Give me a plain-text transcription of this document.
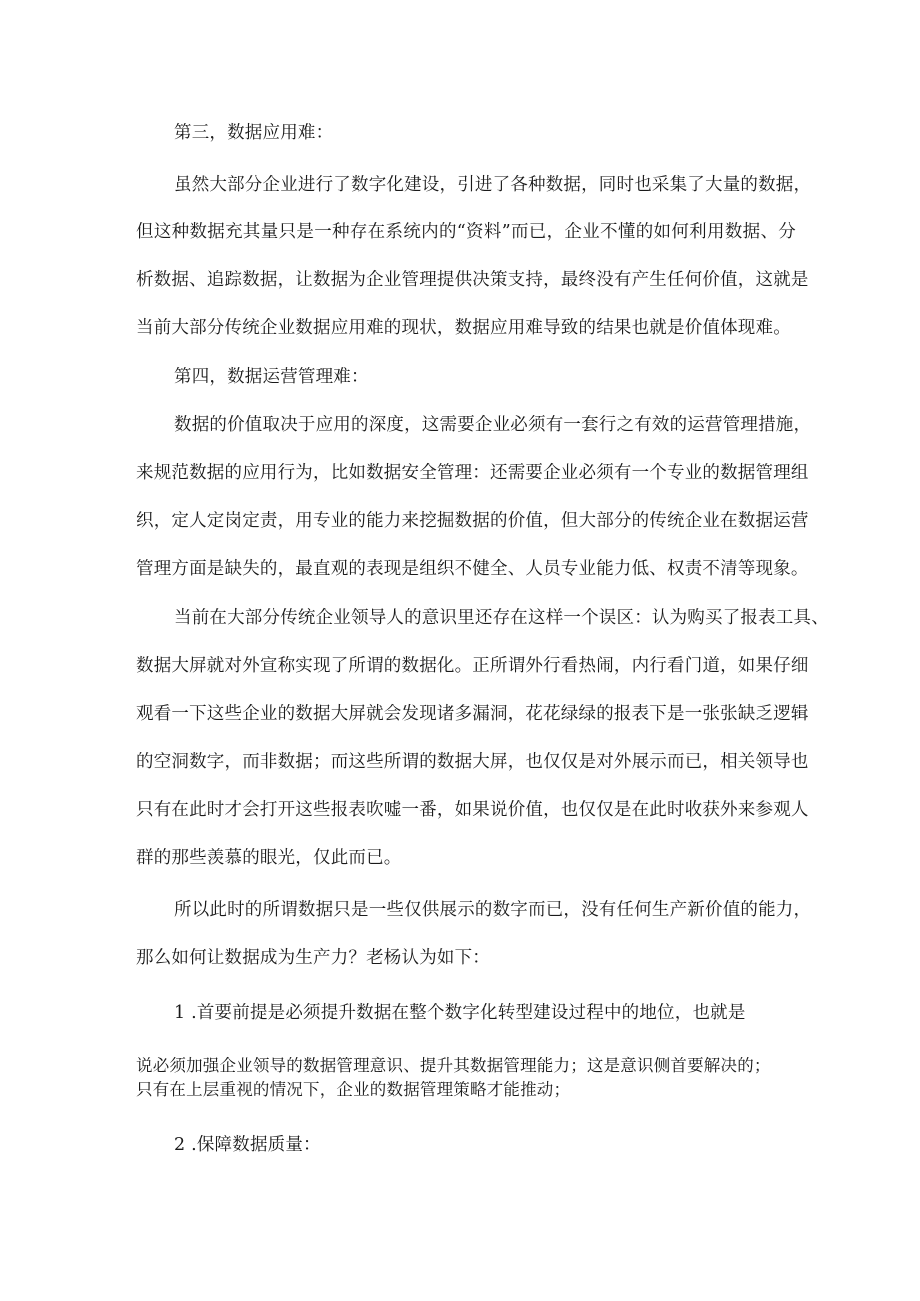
第三，数据应用难：
虽然大部分企业进行了数字化建设，引进了各种数据，同时也采集了大量的数据，
但这种数据充其量只是一种存在系统内的“资料”而已，企业不懂的如何利用数据、分
析数据、追踪数据，让数据为企业管理提供决策支持，最终没有产生任何价值，这就是
当前大部分传统企业数据应用难的现状，数据应用难导致的结果也就是价值体现难。
第四，数据运营管理难：
数据的价值取决于应用的深度，这需要企业必须有一套行之有效的运营管理措施，
来规范数据的应用行为，比如数据安全管理：还需要企业必须有一个专业的数据管理组
织，定人定岗定责，用专业的能力来挖掘数据的价值，但大部分的传统企业在数据运营
管理方面是缺失的，最直观的表现是组织不健全、人员专业能力低、权责不清等现象。
当前在大部分传统企业领导人的意识里还存在这样一个误区：认为购买了报表工具、
数据大屏就对外宣称实现了所谓的数据化。正所谓外行看热闹，内行看门道，如果仔细
观看一下这些企业的数据大屏就会发现诸多漏洞，花花绿绿的报表下是一张张缺乏逻辑
的空洞数字，而非数据；而这些所谓的数据大屏，也仅仅是对外展示而已，相关领导也
只有在此时才会打开这些报表吹嘘一番，如果说价值，也仅仅是在此时收获外来参观人
群的那些羡慕的眼光，仅此而已。
所以此时的所谓数据只是一些仅供展示的数字而已，没有任何生产新价值的能力，
那么如何让数据成为生产力？老杨认为如下：
1 .首要前提是必须提升数据在整个数字化转型建设过程中的地位，也就是
说必须加强企业领导的数据管理意识、提升其数据管理能力；这是意识侧首要解决的；
只有在上层重视的情况下，企业的数据管理策略才能推动；
2 .保障数据质量：
